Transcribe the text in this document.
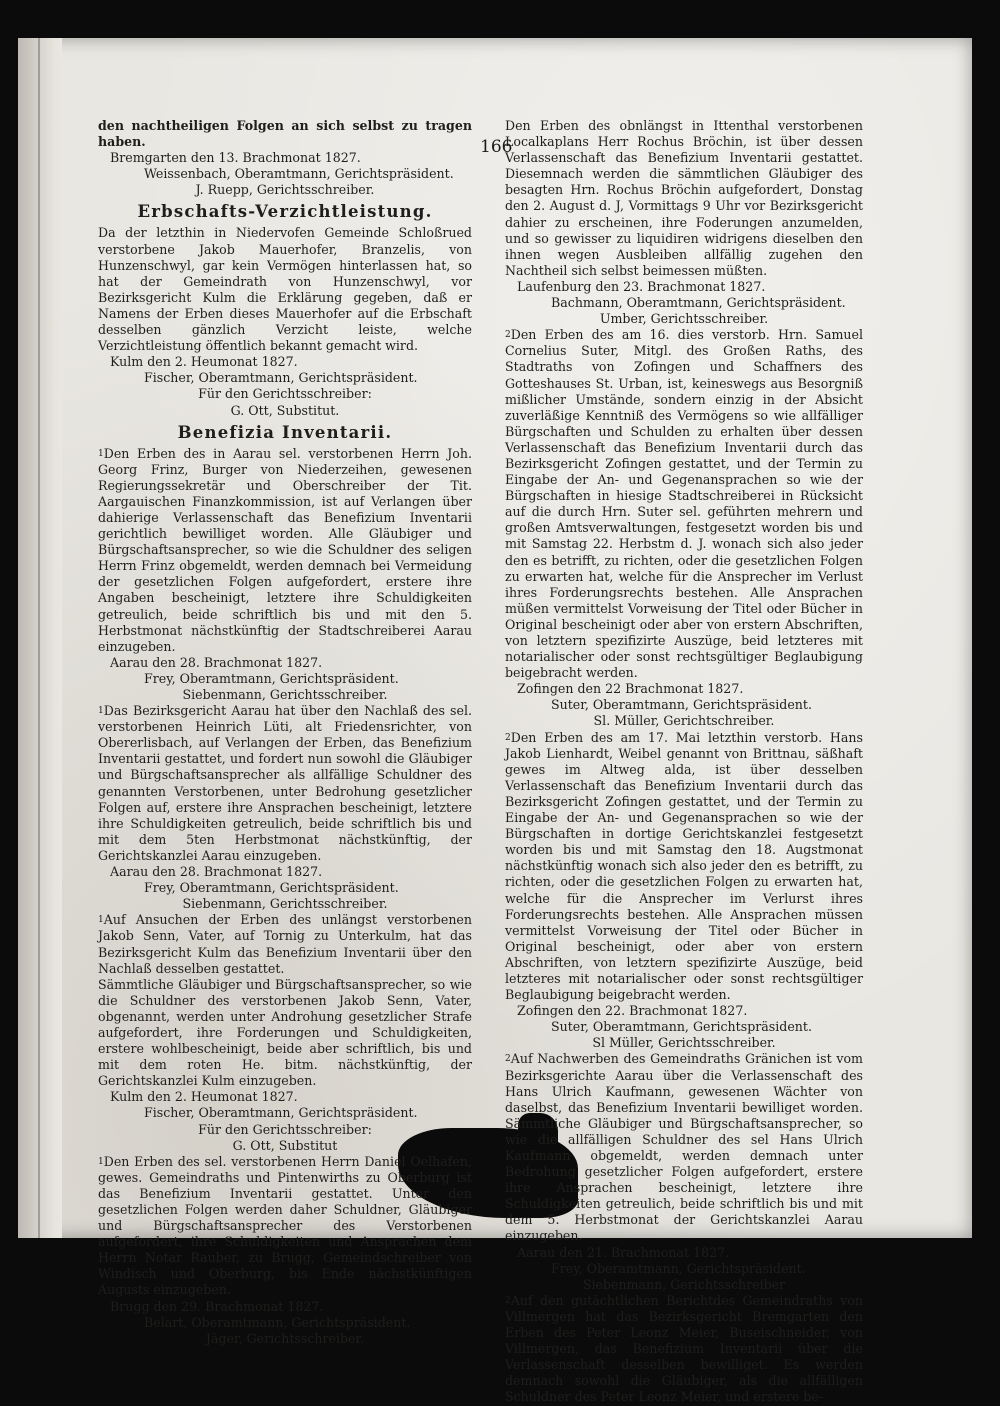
166

den nachtheiligen Folgen an sich selbst zu tragen haben.

Bremgarten den 13. Brachmonat 1827.

Weissenbach, Oberamtmann, Gerichtspräsident.

J. Ruepp, Gerichtsschreiber.

Erbschafts-Verzichtleistung.

Da der letzthin in Niedervofen Gemeinde Schloßrued verstorbene Jakob Mauerhofer, Branzelis, von Hunzenschwyl, gar kein Vermögen hinterlassen hat, so hat der Gemeindrath von Hunzenschwyl, vor Bezirksgericht Kulm die Erklärung gegeben, daß er Namens der Erben dieses Mauerhofer auf die Erbschaft desselben gänzlich Verzicht leiste, welche Verzichtleistung öffentlich bekannt gemacht wird.

Kulm den 2. Heumonat 1827.

Fischer, Oberamtmann, Gerichtspräsident.

Für den Gerichtsschreiber:

G. Ott, Substitut.

Benefizia Inventarii.

$^1$Den Erben des in Aarau sel. verstorbenen Herrn Joh. Georg Frinz, Burger von Niederzeihen, gewesenen Regierungssekretär und Oberschreiber der Tit. Aargauischen Finanzkommission, ist auf Verlangen über dahierige Verlassenschaft das Benefizium Inventarii gerichtlich bewilliget worden. Alle Gläubiger und Bürgschaftsansprecher, so wie die Schuldner des seligen Herrn Frinz obgemeldt, werden demnach bei Vermeidung der gesetzlichen Folgen aufgefordert, erstere ihre Angaben bescheinigt, letztere ihre Schuldigkeiten getreulich, beide schriftlich bis und mit den 5. Herbstmonat nächstkünftig der Stadtschreiberei Aarau einzugeben.

Aarau den 28. Brachmonat 1827.

Frey, Oberamtmann, Gerichtspräsident.

Siebenmann, Gerichtsschreiber.

$^1$Das Bezirksgericht Aarau hat über den Nachlaß des sel. verstorbenen Heinrich Lüti, alt Friedensrichter, von Obererlisbach, auf Verlangen der Erben, das Benefizium Inventarii gestattet, und fordert nun sowohl die Gläubiger und Bürgschaftsansprecher als allfällige Schuldner des genannten Verstorbenen, unter Bedrohung gesetzlicher Folgen auf, erstere ihre Ansprachen bescheinigt, letztere ihre Schuldigkeiten getreulich, beide schriftlich bis und mit dem 5ten Herbstmonat nächstkünftig, der Gerichtskanzlei Aarau einzugeben.

Aarau den 28. Brachmonat 1827.

Frey, Oberamtmann, Gerichtspräsident.

Siebenmann, Gerichtsschreiber.

$^1$Auf Ansuchen der Erben des unlängst verstorbenen Jakob Senn, Vater, auf Tornig zu Unterkulm, hat das Bezirksgericht Kulm das Benefizium Inventarii über den Nachlaß desselben gestattet.

Sämmtliche Gläubiger und Bürgschaftsansprecher, so wie die Schuldner des verstorbenen Jakob Senn, Vater, obgenannt, werden unter Androhung gesetzlicher Strafe aufgefordert, ihre Forderungen und Schuldigkeiten, erstere wohlbescheinigt, beide aber schriftlich, bis und mit dem roten He. bitm. nächstkünftig, der Gerichtskanzlei Kulm einzugeben.

Kulm den 2. Heumonat 1827.

Fischer, Oberamtmann, Gerichtspräsident.

Für den Gerichtsschreiber:

G. Ott, Substitut

$^1$Den Erben des sel. verstorbenen Herrn Daniel Oelhafen, gewes. Gemeindraths und Pintenwirths zu Oberburg ist das Benefizium Inventarii gestattet. Unter den gesetzlichen Folgen werden daher Schuldner, Gläubiger und Bürgschaftsansprecher des Verstorbenen aufgefordert, ihre Schuldigkeiten und Ansprachen dem Herrn Notar Rauber, zu Brugg, Gemeindschreiber von Windisch und Oberburg, bis Ende nächstkünftigen Augusts einzugeben.

Brugg den 29. Brachmonat 1827.

Belart, Oberamtmann, Gerichtspräsident.

Jäger, Gerichtsschreiber.

Den Erben des obnlängst in Ittenthal verstorbenen Localkaplans Herr Rochus Bröchin, ist über dessen Verlassenschaft das Benefizium Inventarii gestattet. Diesemnach werden die sämmtlichen Gläubiger des besagten Hrn. Rochus Bröchin aufgefordert, Donstag den 2. August d. J, Vormittags 9 Uhr vor Bezirksgericht dahier zu erscheinen, ihre Foderungen anzumelden, und so gewisser zu liquidiren widrigens dieselben den ihnen wegen Ausbleiben allfällig zugehen den Nachtheil sich selbst beimessen müßten.

Laufenburg den 23. Brachmonat 1827.

Bachmann, Oberamtmann, Gerichtspräsident.

Umber, Gerichtsschreiber.

$^2$Den Erben des am 16. dies verstorb. Hrn. Samuel Cornelius Suter, Mitgl. des Großen Raths, des Stadtraths von Zofingen und Schaffners des Gotteshauses St. Urban, ist, keineswegs aus Besorgniß mißlicher Umstände, sondern einzig in der Absicht zuverläßige Kenntniß des Vermögens so wie allfälliger Bürgschaften und Schulden zu erhalten über dessen Verlassenschaft das Benefizium Inventarii durch das Bezirksgericht Zofingen gestattet, und der Termin zu Eingabe der An- und Gegenansprachen so wie der Bürgschaften in hiesige Stadtschreiberei in Rücksicht auf die durch Hrn. Suter sel. geführten mehrern und großen Amtsverwaltungen, festgesetzt worden bis und mit Samstag 22. Herbstm d. J. wonach sich also jeder den es betrifft, zu richten, oder die gesetzlichen Folgen zu erwarten hat, welche für die Ansprecher im Verlust ihres Forderungsrechts bestehen. Alle Ansprachen müßen vermittelst Vorweisung der Titel oder Bücher in Original bescheinigt oder aber von erstern Abschriften, von letztern spezifizirte Auszüge, beid letzteres mit notarialischer oder sonst rechtsgültiger Beglaubigung beigebracht werden.

Zofingen den 22 Brachmonat 1827.

Suter, Oberamtmann, Gerichtspräsident.

Sl. Müller, Gerichtschreiber.

$^2$Den Erben des am 17. Mai letzthin verstorb. Hans Jakob Lienhardt, Weibel genannt von Brittnau, säßhaft gewes im Altweg alda, ist über desselben Verlassenschaft das Benefizium Inventarii durch das Bezirksgericht Zofingen gestattet, und der Termin zu Eingabe der An- und Gegenansprachen so wie der Bürgschaften in dortige Gerichtskanzlei festgesetzt worden bis und mit Samstag den 18. Augstmonat nächstkünftig wonach sich also jeder den es betrifft, zu richten, oder die gesetzlichen Folgen zu erwarten hat, welche für die Ansprecher im Verlurst ihres Forderungsrechts bestehen. Alle Ansprachen müssen vermittelst Vorweisung der Titel oder Bücher in Original bescheinigt, oder aber von erstern Abschriften, von letztern spezifizirte Auszüge, beid letzteres mit notarialischer oder sonst rechtsgültiger Beglaubigung beigebracht werden.

Zofingen den 22. Brachmonat 1827.

Suter, Oberamtmann, Gerichtspräsident.

Sl Müller, Gerichtsschreiber.

$^2$Auf Nachwerben des Gemeindraths Gränichen ist vom Bezirksgerichte Aarau über die Verlassenschaft des Hans Ulrich Kaufmann, gewesenen Wächter von daselbst, das Benefizium Inventarii bewilliget worden. Sämmtliche Gläubiger und Bürgschaftsansprecher, so wie die allfälligen Schuldner des sel Hans Ulrich Kaufmann obgemeldt, werden demnach unter Bedrohung gesetzlicher Folgen aufgefordert, erstere ihre Ansprachen bescheinigt, letztere ihre Schuldigkeiten getreulich, beide schriftlich bis und mit dem 5. Herbstmonat der Gerichtskanzlei Aarau einzugeben.

Aarau den 21. Brachmonat 1827.

Frey, Oberamtmann, Gerichtspräsident.

Siebenmann, Gerichtsschreiber

$^2$Auf den gutächtlichen Berichtdes Gemeindraths von Villmergen hat das Bezirksgericht Bremgarten den Erben des Peter Leonz Meier, Buseischneider, von Villmergen, das Benefizium Inventarii über die Verlassenschaft desselben bewilliget. Es werden demnach sowohl die Gläubiger, als die allfälligen Schuldner des Peter Leonz Meier, und erstere be-
